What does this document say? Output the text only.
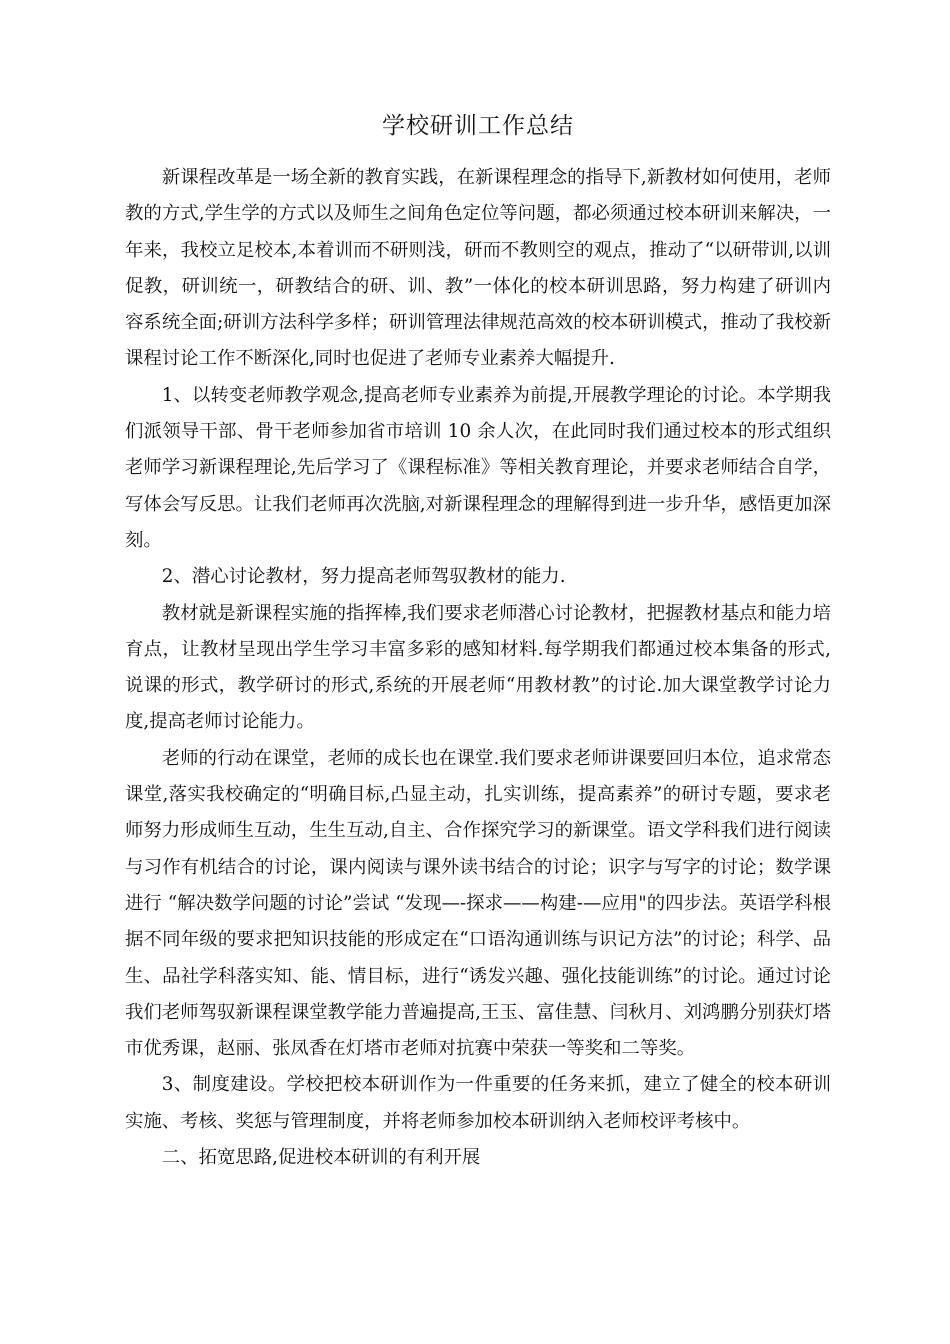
学校研训工作总结

新课程改革是一场全新的教育实践，在新课程理念的指导下,新教材如何使用，老师教的方式,学生学的方式以及师生之间角色定位等问题，都必须通过校本研训来解决，一年来，我校立足校本,本着训而不研则浅，研而不教则空的观点，推动了“以研带训,以训促教，研训统一，研教结合的研、训、教”一体化的校本研训思路，努力构建了研训内容系统全面;研训方法科学多样；研训管理法律规范高效的校本研训模式，推动了我校新课程讨论工作不断深化,同时也促进了老师专业素养大幅提升.

1、以转变老师教学观念,提高老师专业素养为前提,开展教学理论的讨论。本学期我们派领导干部、骨干老师参加省市培训 10 余人次，在此同时我们通过校本的形式组织老师学习新课程理论,先后学习了《课程标准》等相关教育理论，并要求老师结合自学，写体会写反思。让我们老师再次洗脑,对新课程理念的理解得到进一步升华，感悟更加深刻。

2、潜心讨论教材，努力提高老师驾驭教材的能力.

教材就是新课程实施的指挥棒,我们要求老师潜心讨论教材，把握教材基点和能力培育点，让教材呈现出学生学习丰富多彩的感知材料.每学期我们都通过校本集备的形式,说课的形式，教学研讨的形式,系统的开展老师“用教材教”的讨论.加大课堂教学讨论力度,提高老师讨论能力。

老师的行动在课堂，老师的成长也在课堂.我们要求老师讲课要回归本位，追求常态课堂,落实我校确定的“明确目标,凸显主动，扎实训练，提高素养”的研讨专题，要求老师努力形成师生互动，生生互动,自主、合作探究学习的新课堂。语文学科我们进行阅读与习作有机结合的讨论，课内阅读与课外读书结合的讨论；识字与写字的讨论；数学课进行 “解决数学问题的讨论”尝试 “发现—-探求——构建-—应用"的四步法。英语学科根据不同年级的要求把知识技能的形成定在“口语沟通训练与识记方法”的讨论；科学、品生、品社学科落实知、能、情目标，进行“诱发兴趣、强化技能训练”的讨论。通过讨论我们老师驾驭新课程课堂教学能力普遍提高,王玉、富佳慧、闫秋月、刘鸿鹏分别获灯塔市优秀课，赵丽、张凤香在灯塔市老师对抗赛中荣获一等奖和二等奖。

3、制度建设。学校把校本研训作为一件重要的任务来抓，建立了健全的校本研训实施、考核、奖惩与管理制度，并将老师参加校本研训纳入老师校评考核中。

二、拓宽思路,促进校本研训的有利开展
